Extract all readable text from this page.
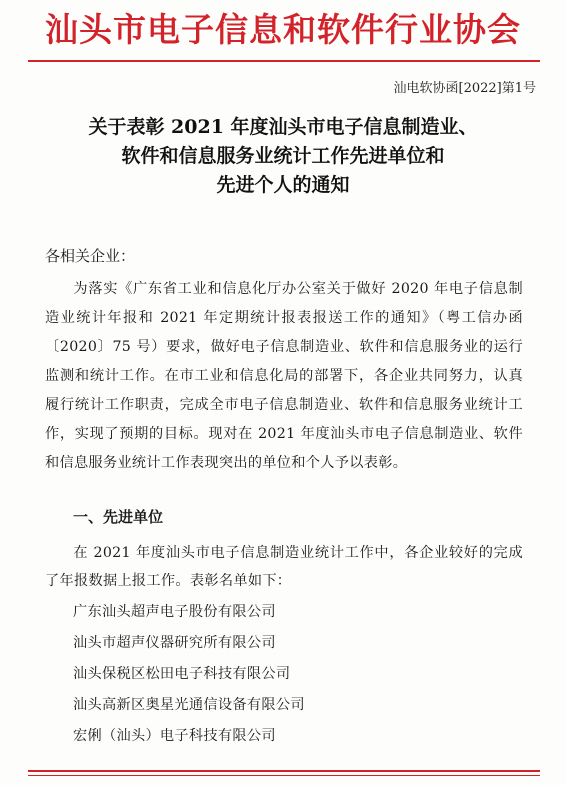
汕头市电子信息和软件行业协会
汕电软协函[2022]第1号
关于表彰 2021 年度汕头市电子信息制造业、
软件和信息服务业统计工作先进单位和
先进个人的通知
各相关企业：
为落实《广东省工业和信息化厅办公室关于做好 2020 年电子信息制造业统计年报和 2021 年定期统计报表报送工作的通知》（粤工信办函〔2020〕75 号）要求，做好电子信息制造业、软件和信息服务业的运行监测和统计工作。在市工业和信息化局的部署下，各企业共同努力，认真履行统计工作职责，完成全市电子信息制造业、软件和信息服务业统计工作，实现了预期的目标。现对在 2021 年度汕头市电子信息制造业、软件和信息服务业统计工作表现突出的单位和个人予以表彰。
一、先进单位
在 2021 年度汕头市电子信息制造业统计工作中，各企业较好的完成了年报数据上报工作。表彰名单如下：
广东汕头超声电子股份有限公司
汕头市超声仪器研究所有限公司
汕头保税区松田电子科技有限公司
汕头高新区奥星光通信设备有限公司
宏俐（汕头）电子科技有限公司
